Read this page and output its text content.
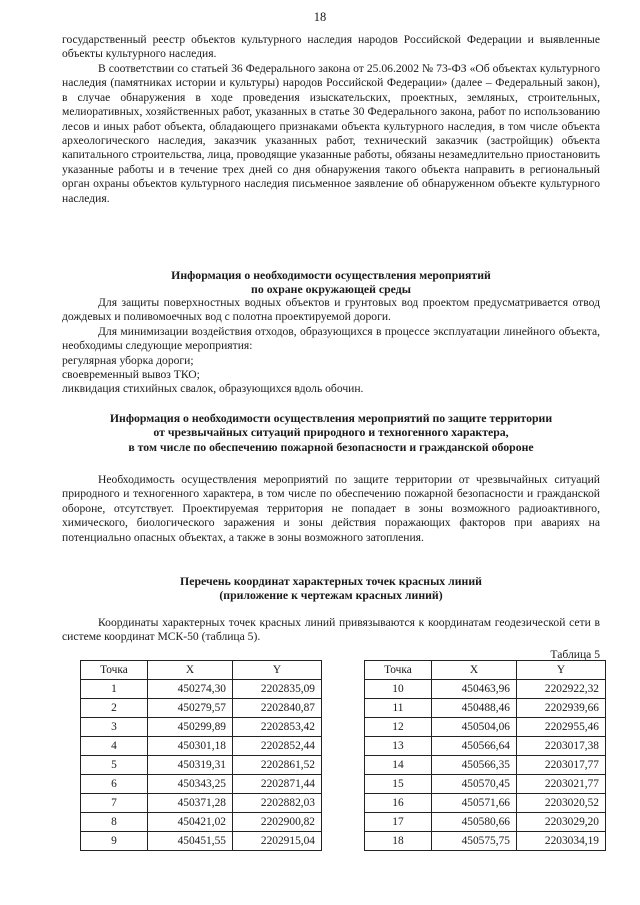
18

государственный реестр объектов культурного наследия народов Российской Федерации и выявленные объекты культурного наследия.

В соответствии со статьей 36 Федерального закона от 25.06.2002 № 73-ФЗ «Об объектах культурного наследия (памятниках истории и культуры) народов Российской Федерации» (далее – Федеральный закон), в случае обнаружения в ходе проведения изыскательских, проектных, земляных, строительных, мелиоративных, хозяйственных работ, указанных в статье 30 Федерального закона, работ по использованию лесов и иных работ объекта, обладающего признаками объекта культурного наследия, в том числе объекта археологического наследия, заказчик указанных работ, технический заказчик (застройщик) объекта капитального строительства, лица, проводящие указанные работы, обязаны незамедлительно приостановить указанные работы и в течение трех дней со дня обнаружения такого объекта направить в региональный орган охраны объектов культурного наследия письменное заявление об обнаруженном объекте культурного наследия.

Информация о необходимости осуществления мероприятий
по охране окружающей среды

Для защиты поверхностных водных объектов и грунтовых вод проектом предусматривается отвод дождевых и поливомоечных вод с полотна проектируемой дороги.

Для минимизации воздействия отходов, образующихся в процессе эксплуатации линейного объекта, необходимы следующие мероприятия:

регулярная уборка дороги;

своевременный вывоз ТКО;

ликвидация стихийных свалок, образующихся вдоль обочин.

Информация о необходимости осуществления мероприятий по защите территории
от чрезвычайных ситуаций природного и техногенного характера,
в том числе по обеспечению пожарной безопасности и гражданской обороне

Необходимость осуществления мероприятий по защите территории от чрезвычайных ситуаций природного и техногенного характера, в том числе по обеспечению пожарной безопасности и гражданской обороне, отсутствует. Проектируемая территория не попадает в зоны возможного радиоактивного, химического, биологического заражения и зоны действия поражающих факторов при авариях на потенциально опасных объектах, а также в зоны возможного затопления.

Перечень координат характерных точек красных линий
(приложение к чертежам красных линий)

Координаты характерных точек красных линий привязываются к координатам геодезической сети в системе координат МСК-50 (таблица 5).

Таблица 5
Точка	X	Y
1	450274,30	2202835,09
2	450279,57	2202840,87
3	450299,89	2202853,42
4	450301,18	2202852,44
5	450319,31	2202861,52
6	450343,25	2202871,44
7	450371,28	2202882,03
8	450421,02	2202900,82
9	450451,55	2202915,04
Точка	X	Y
10	450463,96	2202922,32
11	450488,46	2202939,66
12	450504,06	2202955,46
13	450566,64	2203017,38
14	450566,35	2203017,77
15	450570,45	2203021,77
16	450571,66	2203020,52
17	450580,66	2203029,20
18	450575,75	2203034,19
